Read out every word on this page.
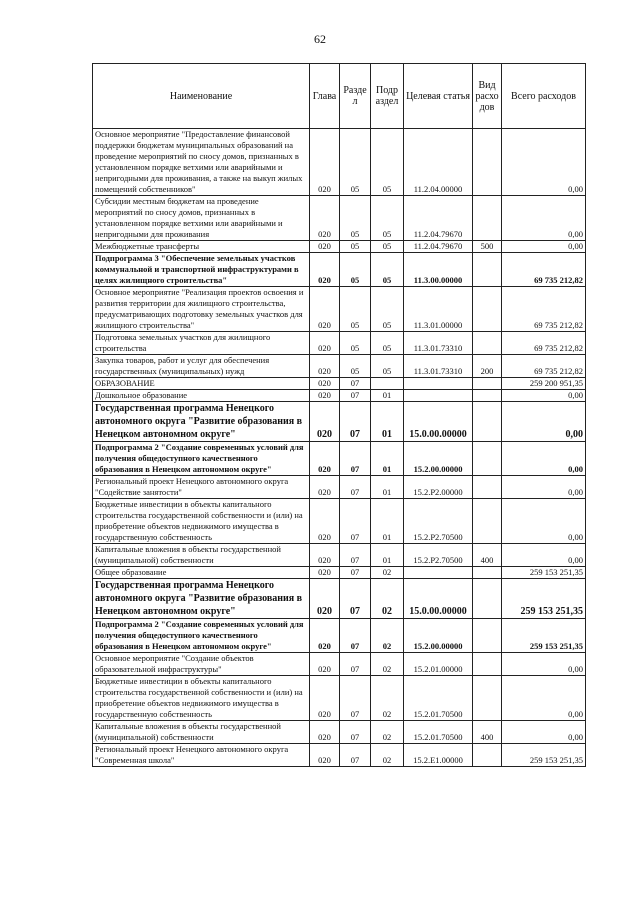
62
Наименование	Глава	Разде л	Подр аздел	Целевая статья	Вид расхо дов	Всего расходов
Основное мероприятие "Предоставление финансовой поддержки бюджетам муниципальных образований на проведение мероприятий по сносу домов, признанных в установленном порядке ветхими или аварийными и непригодными для проживания, а также на выкуп жилых помещений собственников"	020	05	05	11.2.04.00000		0,00
Субсидии местным бюджетам на проведение мероприятий по сносу домов, признанных в установленном порядке ветхими или аварийными и непригодными для проживания	020	05	05	11.2.04.79670		0,00
Межбюджетные трансферты	020	05	05	11.2.04.79670	500	0,00
Подпрограмма 3 "Обеспечение земельных участков коммунальной и транспортной инфраструктурами в целях жилищного строительства"	020	05	05	11.3.00.00000		69 735 212,82
Основное мероприятие "Реализация проектов освоения и развития территории для жилищного строительства, предусматривающих подготовку земельных участков для жилищного строительства"	020	05	05	11.3.01.00000		69 735 212,82
Подготовка земельных участков для жилищного строительства	020	05	05	11.3.01.73310		69 735 212,82
Закупка товаров, работ и услуг для обеспечения государственных (муниципальных) нужд	020	05	05	11.3.01.73310	200	69 735 212,82
ОБРАЗОВАНИЕ	020	07				259 200 951,35
Дошкольное образование	020	07	01			0,00
Государственная программа Ненецкого автономного округа "Развитие образования в Ненецком автономном округе"	020	07	01	15.0.00.00000		0,00
Подпрограмма 2 "Создание современных условий для получения общедоступного качественного образования в Ненецком автономном округе"	020	07	01	15.2.00.00000		0,00
Региональный проект Ненецкого автономного округа "Содействие занятости"	020	07	01	15.2.P2.00000		0,00
Бюджетные инвестиции в объекты капитального строительства государственной собственности и (или) на приобретение объектов недвижимого имущества в государственную собственность	020	07	01	15.2.P2.70500		0,00
Капитальные вложения в объекты государственной (муниципальной) собственности	020	07	01	15.2.P2.70500	400	0,00
Общее образование	020	07	02			259 153 251,35
Государственная программа Ненецкого автономного округа "Развитие образования в Ненецком автономном округе"	020	07	02	15.0.00.00000		259 153 251,35
Подпрограмма 2 "Создание современных условий для получения общедоступного качественного образования в Ненецком автономном округе"	020	07	02	15.2.00.00000		259 153 251,35
Основное мероприятие "Создание объектов образовательной инфраструктуры"	020	07	02	15.2.01.00000		0,00
Бюджетные инвестиции в объекты капитального строительства государственной собственности и (или) на приобретение объектов недвижимого имущества в государственную собственность	020	07	02	15.2.01.70500		0,00
Капитальные вложения в объекты государственной (муниципальной) собственности	020	07	02	15.2.01.70500	400	0,00
Региональный проект Ненецкого автономного округа "Современная школа"	020	07	02	15.2.E1.00000		259 153 251,35
